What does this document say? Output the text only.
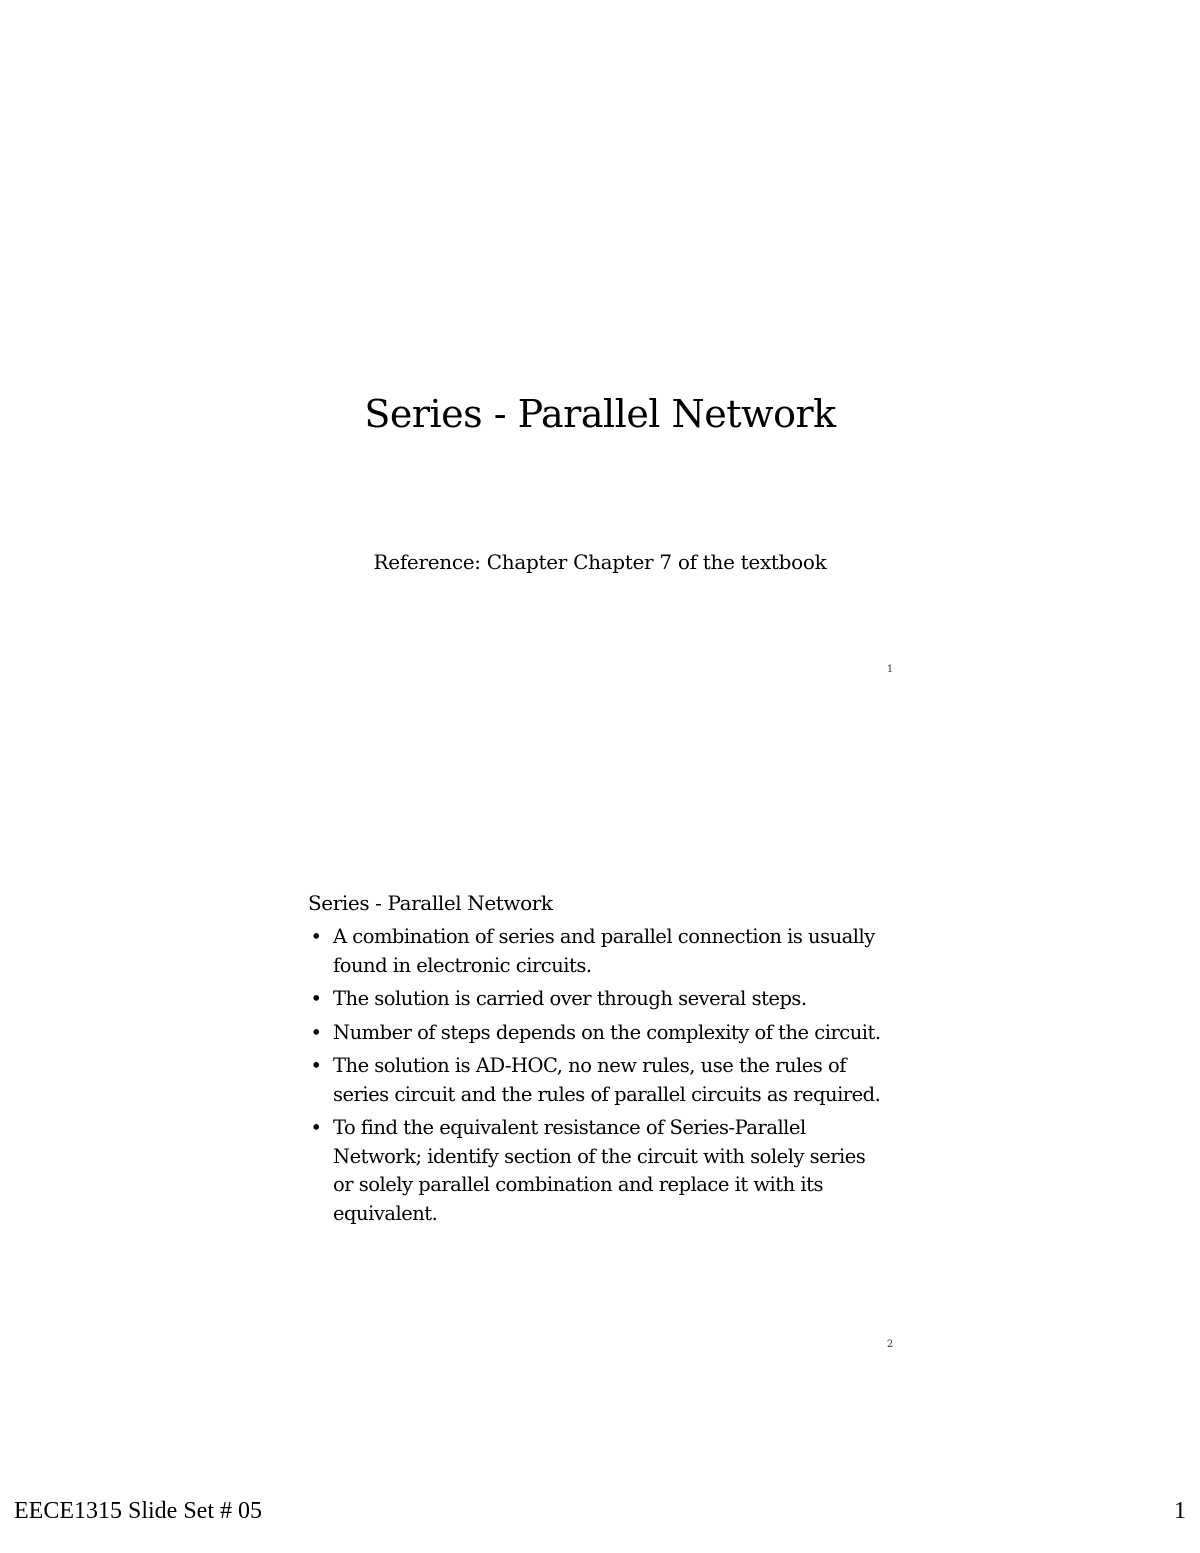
Series - Parallel Network
Reference: Chapter Chapter 7 of the textbook
1
Series - Parallel Network
• A combination of series and parallel connection is usually found in electronic circuits.
• The solution is carried over through several steps.
• Number of steps depends on the complexity of the circuit.
• The solution is AD-HOC, no new rules, use the rules of series circuit and the rules of parallel circuits as required.
• To find the equivalent resistance of Series-Parallel Network; identify section of the circuit with solely series or solely parallel combination and replace it with its equivalent.
2
EECE1315 Slide Set # 05	1
